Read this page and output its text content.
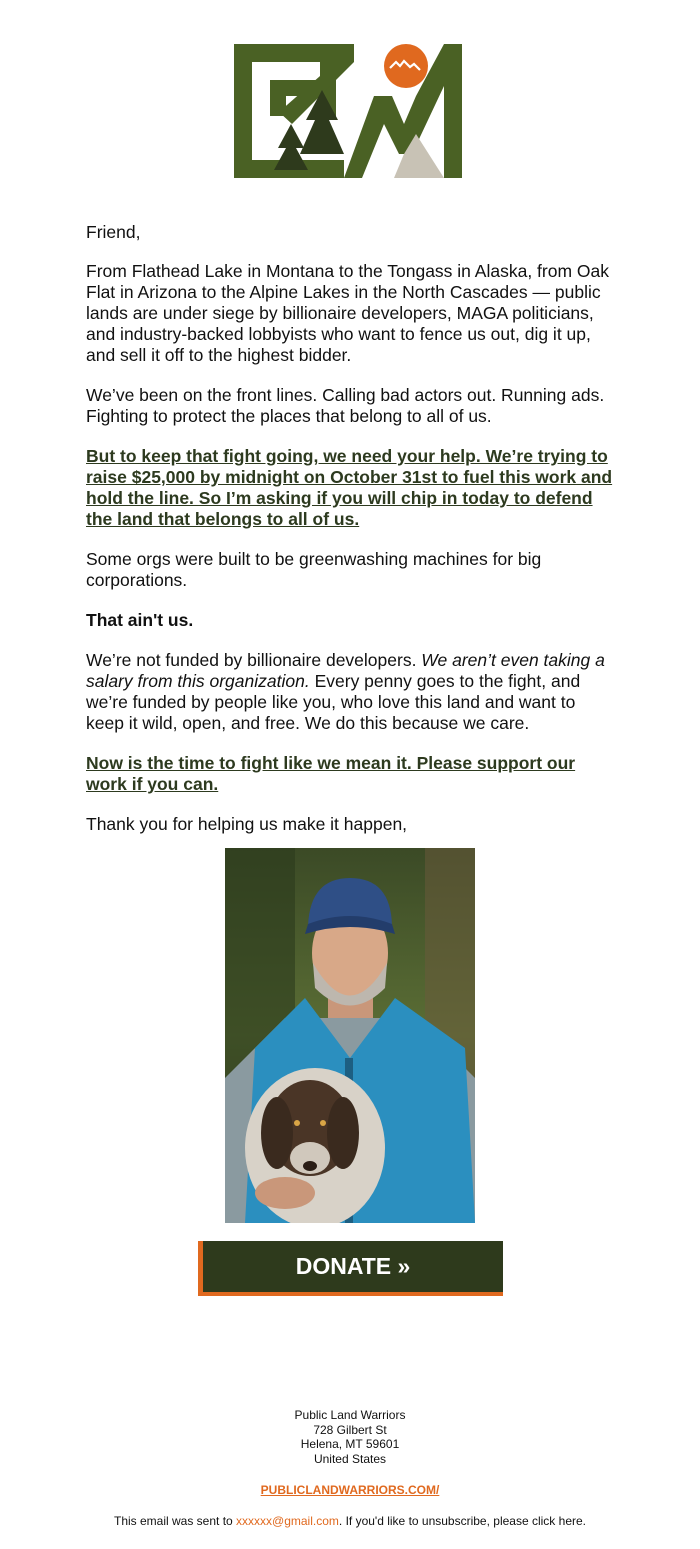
Friend,

From Flathead Lake in Montana to the Tongass in Alaska, from Oak Flat in Arizona to the Alpine Lakes in the North Cascades — public lands are under siege by billionaire developers, MAGA politicians, and industry-backed lobbyists who want to fence us out, dig it up, and sell it off to the highest bidder.

We’ve been on the front lines. Calling bad actors out. Running ads. Fighting to protect the places that belong to all of us.

But to keep that fight going, we need your help. We’re trying to raise $25,000 by midnight on October 31st to fuel this work and hold the line. So I’m asking if you will chip in today to defend the land that belongs to all of us.

Some orgs were built to be greenwashing machines for big corporations.

That ain't us.

We’re not funded by billionaire developers. We aren’t even taking a salary from this organization. Every penny goes to the fight, and we’re funded by people like you, who love this land and want to keep it wild, open, and free. We do this because we care.

Now is the time to fight like we mean it. Please support our work if you can.

Thank you for helping us make it happen,

DONATE »
Public Land Warriors
728 Gilbert St
Helena, MT 59601
United States
PUBLICLANDWARRIORS.COM/
This email was sent to xxxxxx@gmail.com. If you'd like to unsubscribe, please click here.
